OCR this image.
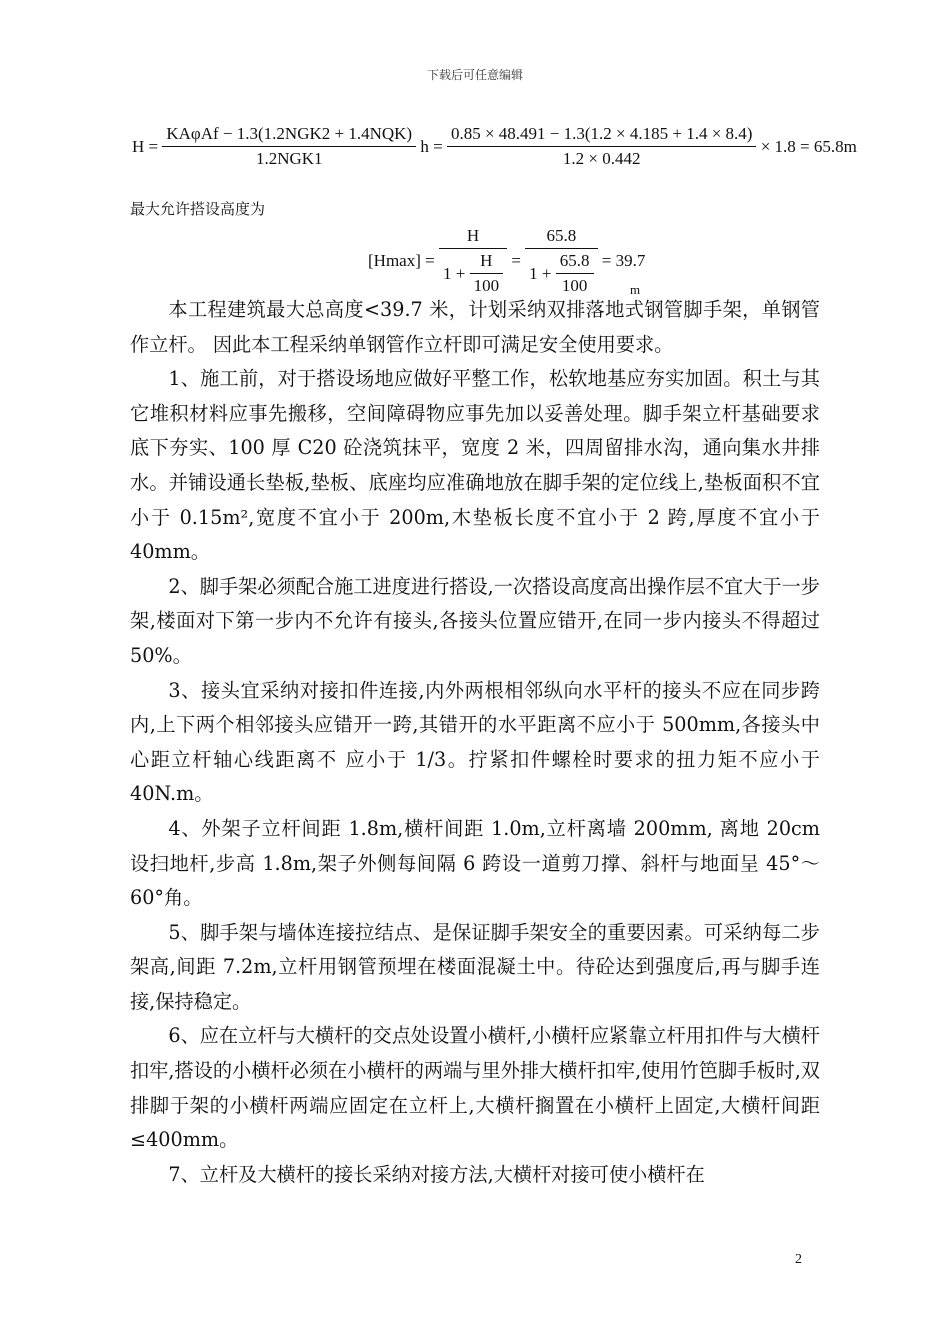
下载后可任意编辑
$H = \frac{\text{KAφAf − 1.3(1.2NGK2 + 1.4NQK)}}{\text{1.2NGK1}}$ $h = \frac{0.85 \times 48.491 - 1.3(1.2 \times 4.185 + 1.4 \times 8.4)}{1.2 \times 0.442} \times 1.8 = 65.8m$
最大允许搭设高度为
$[Hmax] = \frac{H}{1 + \frac{H}{100}} = \frac{65.8}{1 + \frac{65.8}{100}} = 39.7$
m

本工程建筑最大总高度<39.7 米，计划采纳双排落地式钢管脚手架，单钢管作立杆。 因此本工程采纳单钢管作立杆即可满足安全使用要求。

1、施工前，对于搭设场地应做好平整工作，松软地基应夯实加固。积土与其它堆积材料应事先搬移，空间障碍物应事先加以妥善处理。脚手架立杆基础要求底下夯实、100 厚 C20 砼浇筑抹平，宽度 2 米，四周留排水沟，通向集水井排水。并铺设通长垫板,垫板、底座均应准确地放在脚手架的定位线上,垫板面积不宜小于 0.15m²,宽度不宜小于 200m,木垫板长度不宜小于 2 跨,厚度不宜小于 40mm。

2、脚手架必须配合施工进度进行搭设,一次搭设高度高出操作层不宜大于一步架,楼面对下第一步内不允许有接头,各接头位置应错开,在同一步内接头不得超过 50%。

3、接头宜采纳对接扣件连接,内外两根相邻纵向水平杆的接头不应在同步跨内,上下两个相邻接头应错开一跨,其错开的水平距离不应小于 500mm,各接头中心距立杆轴心线距离不 应小于 1/3。拧紧扣件螺栓时要求的扭力矩不应小于 40N.m。

4、外架子立杆间距 1.8m,横杆间距 1.0m,立杆离墙 200mm, 离地 20cm 设扫地杆,步高 1.8m,架子外侧每间隔 6 跨设一道剪刀撑、斜杆与地面呈 45°～60°角。

5、脚手架与墙体连接拉结点、是保证脚手架安全的重要因素。可采纳每二步架高,间距 7.2m,立杆用钢管预埋在楼面混凝土中。待砼达到强度后,再与脚手连接,保持稳定。

6、应在立杆与大横杆的交点处设置小横杆,小横杆应紧靠立杆用扣件与大横杆扣牢,搭设的小横杆必须在小横杆的两端与里外排大横杆扣牢,使用竹笆脚手板时,双排脚于架的小横杆两端应固定在立杆上,大横杆搁置在小横杆上固定,大横杆间距≤400mm。

7、立杆及大横杆的接长采纳对接方法,大横杆对接可使小横杆在

2
